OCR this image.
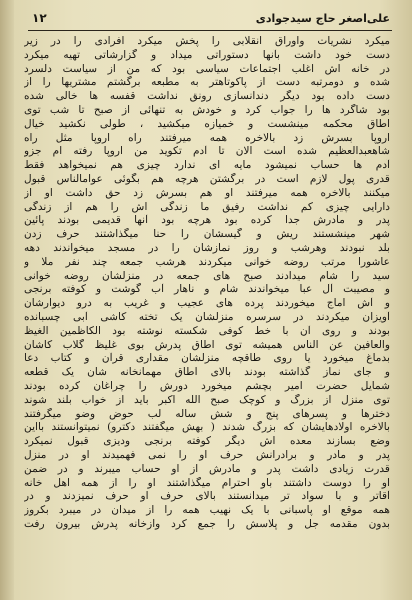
علی‌اصغر حاج سیدجوادی
۱۲
میکرد نشریات واوراق انقلابی را پخش میکرد افرادی را در زیر
دست خود داشت بآنها دستوراتی میداد و گزارشاتی تهیه میکرد
در خانه اش اغلب اجتماعات سیاسی بود که من از سیاست دلسرد
شده و دومرتبه دست از پاکوتاهتر به مطبعه برگشتم مشتریها را از
دست داده بود دیگر دندانسازی رونق نداشت قفسه ها خالی شده
بود شاگرد ها را جواب کرد و خودش به تنهائی از صبح تا شب توی
اطاق محکمه مینشست و خمیازه میکشید ، طولی نکشید خیال
اروپا بسرش زد بالاخره همه میرفتند راه اروپا مثل راه
شاهعبدالعظیم شده است الان تا آدم تکوید من اروپا رفته ام جزو
آدم ها حساب نمیشود مایه ای ندارد چیزی هم نمیخواهد فقط
قدری پول لازم است در برگشتن هرچه هم بگوئی عوامالناس قبول
میکنند بالاخره همه میرفتند او هم بسرش زد حق داشت او از
دارایی چیزی کم نداشت رفیق ما زندگی اش را هم از زندگی
پدر و مادرش جدا کرده بود هرچه بود آنها قدیمی بودند پائین
شهر مینشستند ریش و گیسشان را حنا میگذاشتند حرف زدن
بلد نبودند وهرشب و روز نمازشان را در مسجد میخواندند دهه
عاشورا مرتب روضه خوانی میکردند هرشب جمعه چند نفر ملا و
سید را شام میدادند صبح های جمعه در منزلشان روضه خوانی
و مصیبت آل عبا میخواندند شام و ناهار آب گوشت و کوفته برنجی
و آش اماج میخوردند پرده های عجیب و غریب به درو دیوارشان
آویزان میکردند در سرسره منزلشان یک تخته کاشی آبی چسبانده
بودند و روی آن با خط کوفی شکسته نوشته بود الکاظمین الغیظ
والعافین عن الناس همیشه توی اطاق پدرش بوی غلیظ گلاب کاشان
بدماغ میخورد یا روی طاقچه منزلشان مقداری قرآن و کتاب دعا
و جای نماز گذاشته بودند بالای اطاق مهمانخانه شان یک قطعه
شمایل حضرت امیر بچشم میخورد دورش را چراغان کرده بودند
توی منزل از بزرگ و کوچک صبح الله اکبر باید از خواب بلند شوند
دخترها و پسرهای پنج و شش ساله لب حوض وضو میگرفتند
بالاخره اولادهایشان که بزرگ شدند ( بهش میگفتند دکترو) نمیتوانستند بااین
وضع بسازند معده اش دیگر کوفته برنجی ودیزی قبول نمیکرد
پدر و مادر و برادرانش حرف او را نمی فهمیدند او در منزل
قدرت زیادی داشت پدر و مادرش از او حساب میبرند و در ضمن
او را دوست داشتند باو احترام میگذاشتند او را از همه اهل خانه
آقاتر و با سواد تر میدانستند بالای حرف او حرف نمیزدند و در
همه موقع او پاسبانی با یک نهیب همه را از میدان در میبرد بکروز
بدون مقدمه جل و پلاسش را جمع کرد وازخانه پدرش بیرون رفت
